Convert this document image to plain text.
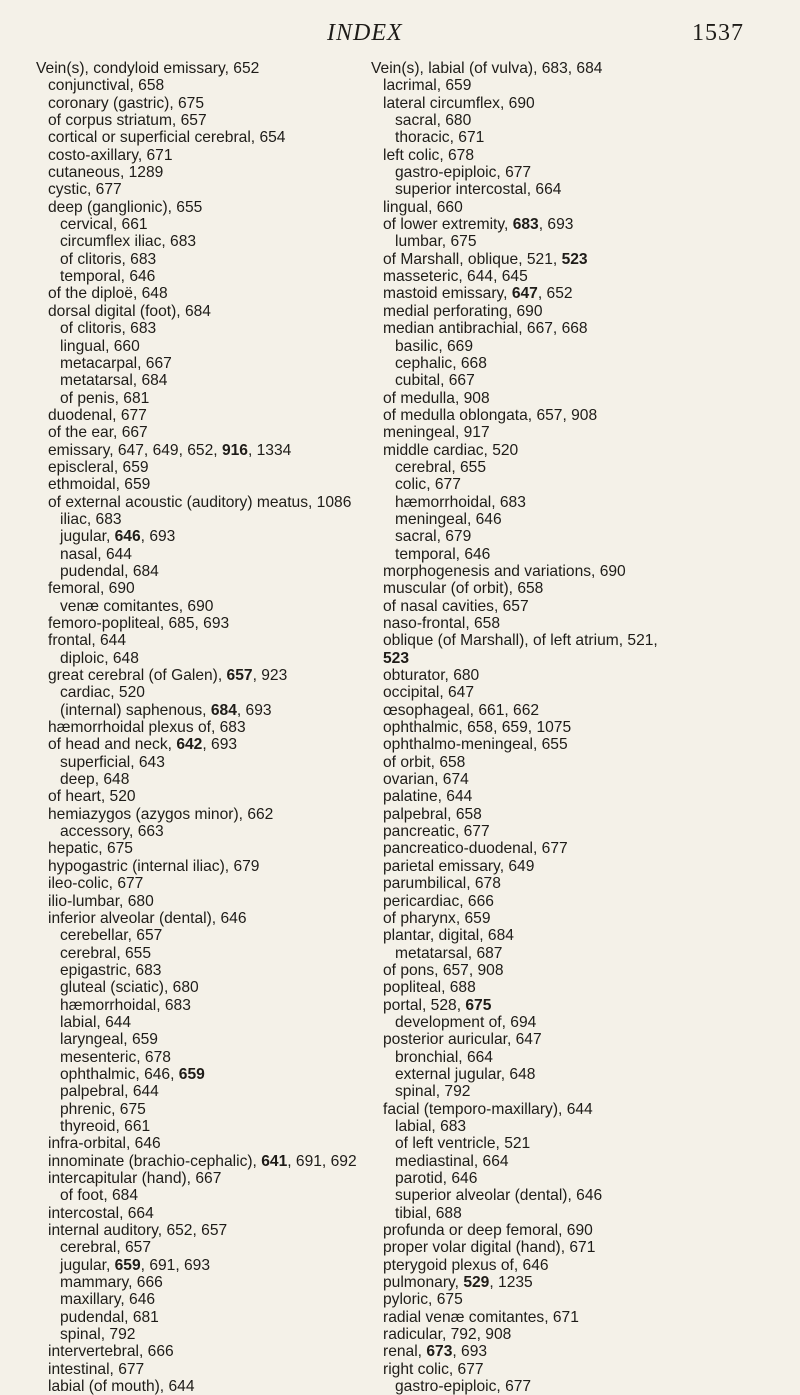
INDEX	1537
Vein(s), condyloid emissary, 652
conjunctival, 658
coronary (gastric), 675
of corpus striatum, 657
cortical or superficial cerebral, 654
costo-axillary, 671
cutaneous, 1289
cystic, 677
deep (ganglionic), 655
cervical, 661
circumflex iliac, 683
of clitoris, 683
temporal, 646
of the diploë, 648
dorsal digital (foot), 684
of clitoris, 683
lingual, 660
metacarpal, 667
metatarsal, 684
of penis, 681
duodenal, 677
of the ear, 667
emissary, 647, 649, 652, 916, 1334
episcleral, 659
ethmoidal, 659
of external acoustic (auditory) meatus, 1086
iliac, 683
jugular, 646, 693
nasal, 644
pudendal, 684
femoral, 690
venæ comitantes, 690
femoro-popliteal, 685, 693
frontal, 644
diploic, 648
great cerebral (of Galen), 657, 923
cardiac, 520
(internal) saphenous, 684, 693
hæmorrhoidal plexus of, 683
of head and neck, 642, 693
superficial, 643
deep, 648
of heart, 520
hemiazygos (azygos minor), 662
accessory, 663
hepatic, 675
hypogastric (internal iliac), 679
ileo-colic, 677
ilio-lumbar, 680
inferior alveolar (dental), 646
cerebellar, 657
cerebral, 655
epigastric, 683
gluteal (sciatic), 680
hæmorrhoidal, 683
labial, 644
laryngeal, 659
mesenteric, 678
ophthalmic, 646, 659
palpebral, 644
phrenic, 675
thyreoid, 661
infra-orbital, 646
innominate (brachio-cephalic), 641, 691, 692
intercapitular (hand), 667
of foot, 684
intercostal, 664
internal auditory, 652, 657
cerebral, 657
jugular, 659, 691, 693
mammary, 666
maxillary, 646
pudendal, 681
spinal, 792
intervertebral, 666
intestinal, 677
labial (of mouth), 644
Vein(s), labial (of vulva), 683, 684
lacrimal, 659
lateral circumflex, 690
sacral, 680
thoracic, 671
left colic, 678
gastro-epiploic, 677
superior intercostal, 664
lingual, 660
of lower extremity, 683, 693
lumbar, 675
of Marshall, oblique, 521, 523
masseteric, 644, 645
mastoid emissary, 647, 652
medial perforating, 690
median antibrachial, 667, 668
basilic, 669
cephalic, 668
cubital, 667
of medulla, 908
of medulla oblongata, 657, 908
meningeal, 917
middle cardiac, 520
cerebral, 655
colic, 677
hæmorrhoidal, 683
meningeal, 646
sacral, 679
temporal, 646
morphogenesis and variations, 690
muscular (of orbit), 658
of nasal cavities, 657
naso-frontal, 658
oblique (of Marshall), of left atrium, 521,
523
obturator, 680
occipital, 647
œsophageal, 661, 662
ophthalmic, 658, 659, 1075
ophthalmo-meningeal, 655
of orbit, 658
ovarian, 674
palatine, 644
palpebral, 658
pancreatic, 677
pancreatico-duodenal, 677
parietal emissary, 649
parumbilical, 678
pericardiac, 666
of pharynx, 659
plantar, digital, 684
metatarsal, 687
of pons, 657, 908
popliteal, 688
portal, 528, 675
development of, 694
posterior auricular, 647
bronchial, 664
external jugular, 648
spinal, 792
facial (temporo-maxillary), 644
labial, 683
of left ventricle, 521
mediastinal, 664
parotid, 646
superior alveolar (dental), 646
tibial, 688
profunda or deep femoral, 690
proper volar digital (hand), 671
pterygoid plexus of, 646
pulmonary, 529, 1235
pyloric, 675
radial venæ comitantes, 671
radicular, 792, 908
renal, 673, 693
right colic, 677
gastro-epiploic, 677
